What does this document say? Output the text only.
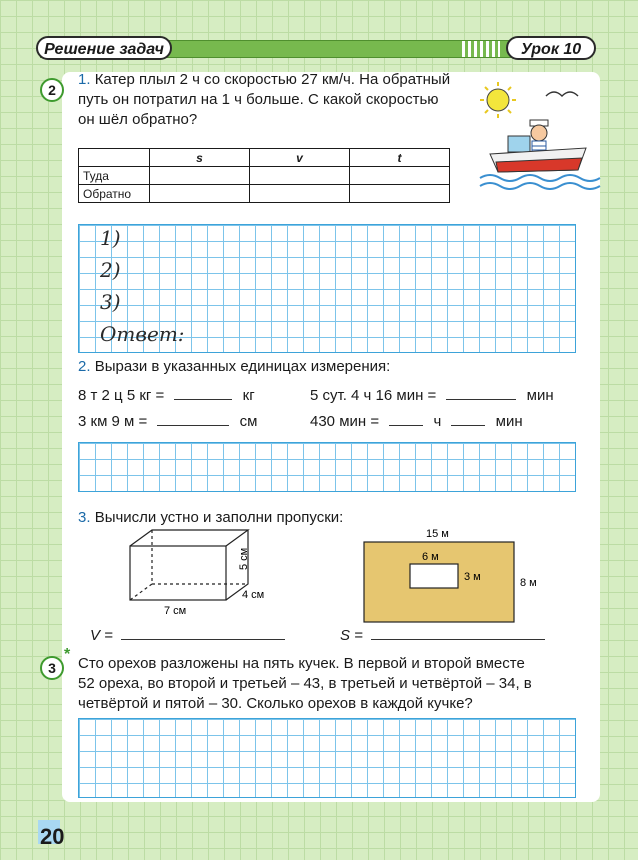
Решение задач	Урок 10
2
1. Катер плыл 2 ч со скоростью 27 км/ч. На обратный
путь он потратил на 1 ч больше. С какой скоростью
он шёл обратно?
	s	v	t
Туда			
Обратно			
1)
2)
3)
Ответ:
2. Вырази в указанных единицах измерения:
8 т 2 ц 5 кг =	кг
3 км 9 м =	см
5 сут. 4 ч 16 мин =	мин
430 мин =	ч	мин
3. Вычисли устно и заполни пропуски:
5 см
4 см
7 см
15 м
8 м
6 м
3 м
V =	S =
3
*
Сто орехов разложены на пять кучек. В первой и второй вместе
52 ореха, во второй и третьей – 43, в третьей и четвёртой – 34, в
четвёртой и пятой – 30. Сколько орехов в каждой кучке?
20
